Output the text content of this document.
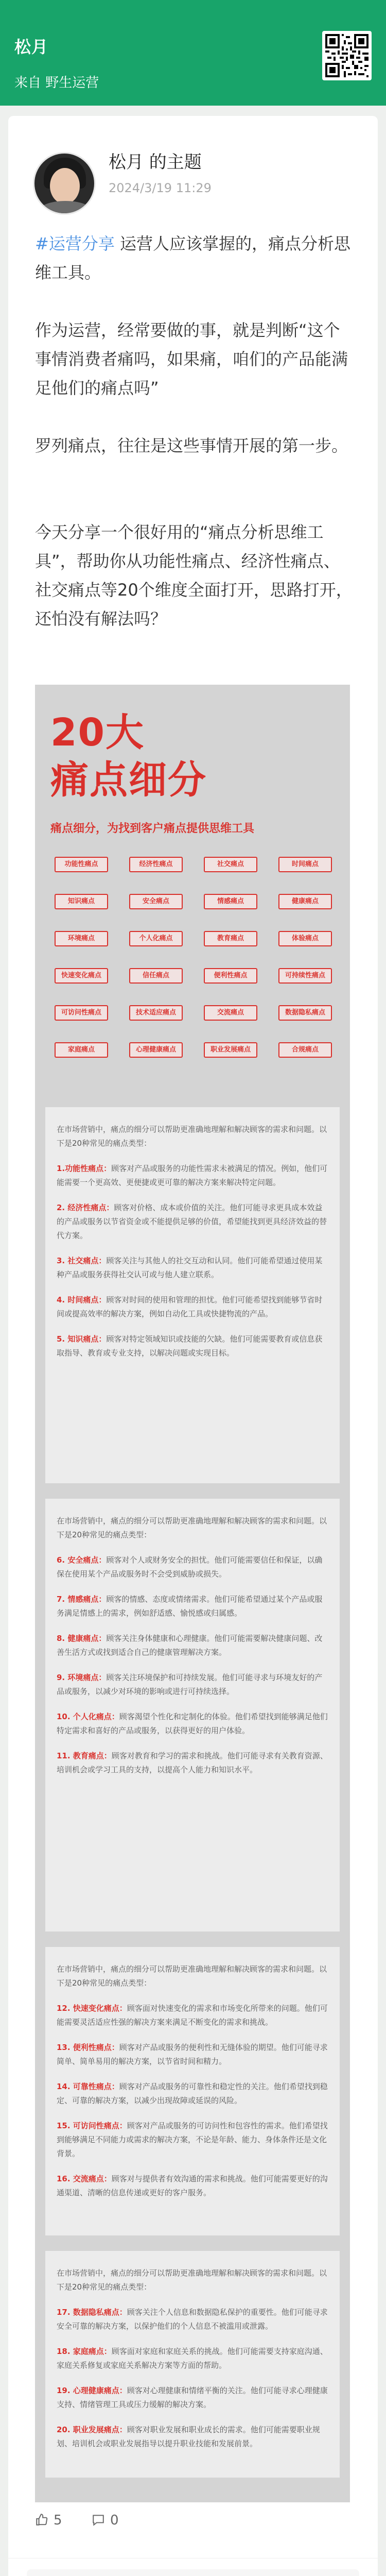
松月
来自 野生运营
松月 的主题
2024/3/19 11:29
#运营分享 运营人应该掌握的，痛点分析思维工具。
作为运营，经常要做的事，就是判断“这个事情消费者痛吗，如果痛，咱们的产品能满足他们的痛点吗”
罗列痛点，往往是这些事情开展的第一步。
今天分享一个很好用的“痛点分析思维工具”，帮助你从功能性痛点、经济性痛点、社交痛点等20个维度全面打开，思路打开，还怕没有解法吗？
20大
痛点细分
痛点细分，为找到客户痛点提供思维工具
功能性痛点	经济性痛点	社交痛点	时间痛点
知识痛点	安全痛点	情感痛点	健康痛点
环境痛点	个人化痛点	教育痛点	体验痛点
快速变化痛点	信任痛点	便利性痛点	可持续性痛点
可访问性痛点	技术适应痛点	交流痛点	数据隐私痛点
家庭痛点	心理健康痛点	职业发展痛点	合规痛点
在市场营销中，痛点的细分可以帮助更准确地理解和解决顾客的需求和问题。以下是20种常见的痛点类型：
1.功能性痛点：顾客对产品或服务的功能性需求未被满足的情况。例如，他们可能需要一个更高效、更便捷或更可靠的解决方案来解决特定问题。
2. 经济性痛点：顾客对价格、成本或价值的关注。他们可能寻求更具成本效益的产品或服务以节省资金或不能提供足够的价值，希望能找到更具经济效益的替代方案。
3. 社交痛点：顾客关注与其他人的社交互动和认同。他们可能希望通过使用某种产品或服务获得社交认可或与他人建立联系。
4. 时间痛点：顾客对时间的使用和管理的担忧。他们可能希望找到能够节省时间或提高效率的解决方案，例如自动化工具或快捷物流的产品。
5. 知识痛点：顾客对特定领域知识或技能的欠缺。他们可能需要教育或信息获取指导、教育或专业支持，以解决问题或实现目标。
在市场营销中，痛点的细分可以帮助更准确地理解和解决顾客的需求和问题。以下是20种常见的痛点类型：
6. 安全痛点：顾客对个人或财务安全的担忧。他们可能需要信任和保证，以确保在使用某个产品或服务时不会受到威胁或损失。
7. 情感痛点：顾客的情感、态度或情绪需求。他们可能希望通过某个产品或服务满足情感上的需求，例如舒适感、愉悦感或归属感。
8. 健康痛点：顾客关注身体健康和心理健康。他们可能需要解决健康问题、改善生活方式或找到适合自己的健康管理解决方案。
9. 环境痛点：顾客关注环境保护和可持续发展。他们可能寻求与环境友好的产品或服务，以减少对环境的影响或进行可持续选择。
10. 个人化痛点：顾客渴望个性化和定制化的体验。他们希望找到能够满足他们特定需求和喜好的产品或服务，以获得更好的用户体验。
11. 教育痛点：顾客对教育和学习的需求和挑战。他们可能寻求有关教育资源、培训机会或学习工具的支持，以提高个人能力和知识水平。
在市场营销中，痛点的细分可以帮助更准确地理解和解决顾客的需求和问题。以下是20种常见的痛点类型：
12. 快速变化痛点：顾客面对快速变化的需求和市场变化所带来的问题。他们可能需要灵活适应性强的解决方案来满足不断变化的需求和挑战。
13. 便利性痛点：顾客对产品或服务的便利性和无缝体验的期望。他们可能寻求简单、简单易用的解决方案，以节省时间和精力。
14. 可靠性痛点：顾客对产品或服务的可靠性和稳定性的关注。他们希望找到稳定、可靠的解决方案，以减少出现故障或延误的风险。
15. 可访问性痛点：顾客对产品或服务的可访问性和包容性的需求。他们希望找到能够满足不同能力或需求的解决方案，不论是年龄、能力、身体条件还是文化背景。
16. 交流痛点：顾客对与提供者有效沟通的需求和挑战。他们可能需要更好的沟通渠道、清晰的信息传递或更好的客户服务。
在市场营销中，痛点的细分可以帮助更准确地理解和解决顾客的需求和问题。以下是20种常见的痛点类型：
17. 数据隐私痛点：顾客关注个人信息和数据隐私保护的重要性。他们可能寻求安全可靠的解决方案，以保护他们的个人信息不被滥用或泄露。
18. 家庭痛点：顾客面对家庭和家庭关系的挑战。他们可能需要支持家庭沟通、家庭关系修复或家庭关系解决方案等方面的帮助。
19. 心理健康痛点：顾客对心理健康和情绪平衡的关注。他们可能寻求心理健康支持、情绪管理工具或压力缓解的解决方案。
20. 职业发展痛点：顾客对职业发展和职业成长的需求。他们可能需要职业规划、培训机会或职业发展指导以提升职业技能和发展前景。
5	0
